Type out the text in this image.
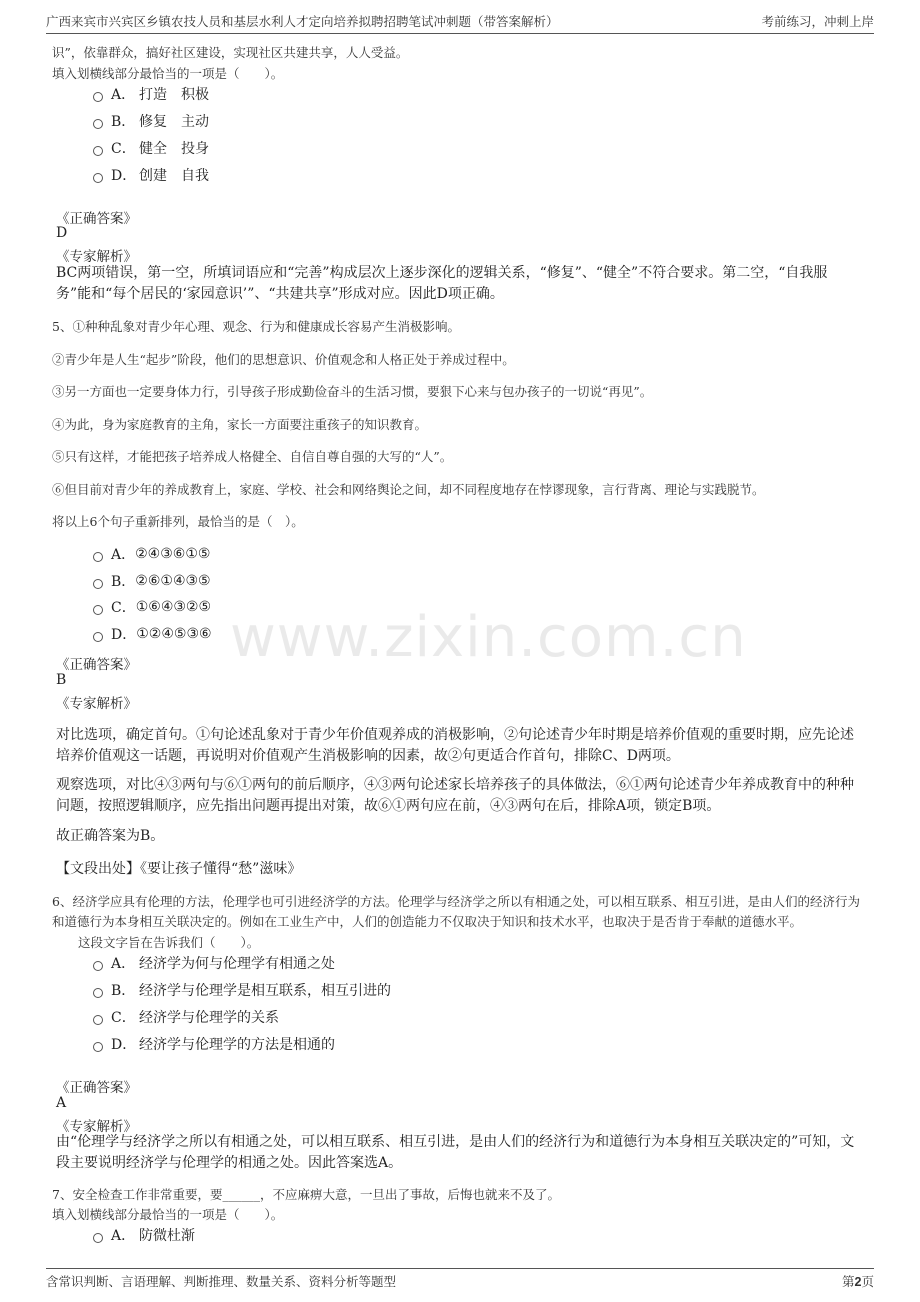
广西来宾市兴宾区乡镇农技人员和基层水利人才定向培养拟聘招聘笔试冲刺题（带答案解析）	考前练习，冲刺上岸
识”，依靠群众，搞好社区建设，实现社区共建共享，人人受益。
填入划横线部分最恰当的一项是（　　）。
A． 打造　积极
B． 修复　主动
C． 健全　投身
D． 创建　自我
《正确答案》
D
《专家解析》
BC两项错误，第一空，所填词语应和“完善”构成层次上逐步深化的逻辑关系，“修复”、“健全”不符合要求。第二空，“自我服务”能和“每个居民的‘家园意识’”、“共建共享”形成对应。因此D项正确。
5、①种种乱象对青少年心理、观念、行为和健康成长容易产生消极影响。
②青少年是人生“起步”阶段，他们的思想意识、价值观念和人格正处于养成过程中。
③另一方面也一定要身体力行，引导孩子形成勤俭奋斗的生活习惯，要狠下心来与包办孩子的一切说“再见”。
④为此，身为家庭教育的主角，家长一方面要注重孩子的知识教育。
⑤只有这样，才能把孩子培养成人格健全、自信自尊自强的大写的“人”。
⑥但目前对青少年的养成教育上，家庭、学校、社会和网络舆论之间，却不同程度地存在悖谬现象，言行背离、理论与实践脱节。
将以上6个句子重新排列，最恰当的是（　）。
A． ②④③⑥①⑤
B． ②⑥①④③⑤
C． ①⑥④③②⑤
D． ①②④⑤③⑥
《正确答案》
B
《专家解析》
对比选项，确定首句。①句论述乱象对于青少年价值观养成的消极影响，②句论述青少年时期是培养价值观的重要时期，应先论述培养价值观这一话题，再说明对价值观产生消极影响的因素，故②句更适合作首句，排除C、D两项。
观察选项，对比④③两句与⑥①两句的前后顺序，④③两句论述家长培养孩子的具体做法，⑥①两句论述青少年养成教育中的种种问题，按照逻辑顺序，应先指出问题再提出对策，故⑥①两句应在前，④③两句在后，排除A项，锁定B项。
故正确答案为B。
【文段出处】《要让孩子懂得“愁”滋味》
6、经济学应具有伦理的方法，伦理学也可引进经济学的方法。伦理学与经济学之所以有相通之处，可以相互联系、相互引进，是由人们的经济行为和道德行为本身相互关联决定的。例如在工业生产中，人们的创造能力不仅取决于知识和技术水平，也取决于是否肯于奉献的道德水平。
这段文字旨在告诉我们（　　）。
A． 经济学为何与伦理学有相通之处
B． 经济学与伦理学是相互联系，相互引进的
C． 经济学与伦理学的关系
D． 经济学与伦理学的方法是相通的
《正确答案》
A
《专家解析》
由“伦理学与经济学之所以有相通之处，可以相互联系、相互引进，是由人们的经济行为和道德行为本身相互关联决定的”可知，文段主要说明经济学与伦理学的相通之处。因此答案选A。
7、安全检查工作非常重要，要______，不应麻痹大意，一旦出了事故，后悔也就来不及了。
填入划横线部分最恰当的一项是（　　）。
A． 防微杜渐
www.zixin.com.cn
含常识判断、言语理解、判断推理、数量关系、资料分析等题型	第2页
